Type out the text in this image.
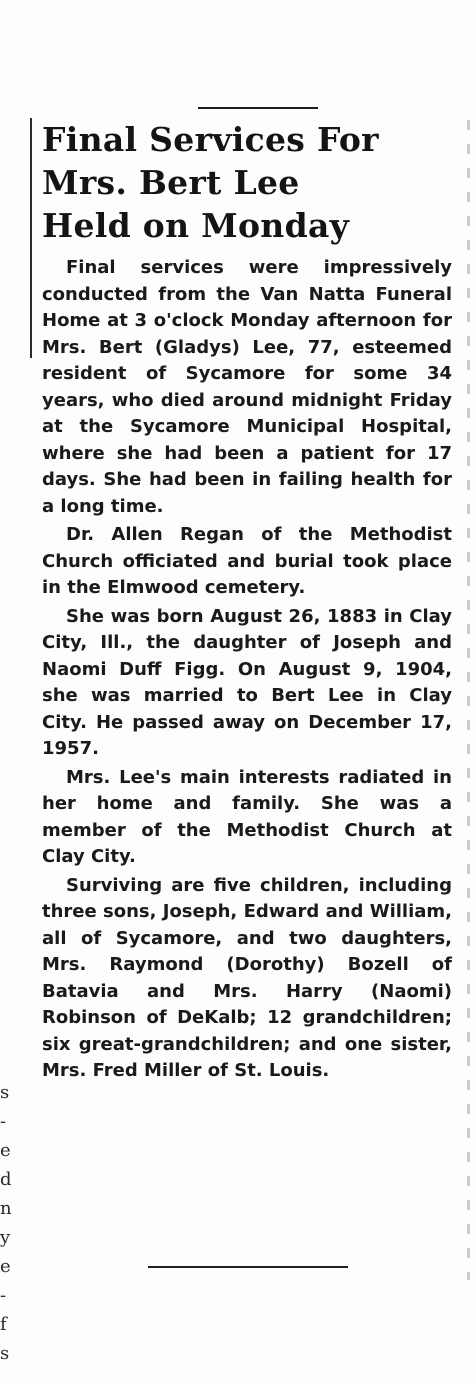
s
-
e
d
n
y
e
-
f
s
Final Services For
Mrs. Bert Lee
Held on Monday

Final services were impressively conducted from the Van Natta Funeral Home at 3 o'clock Monday afternoon for Mrs. Bert (Gladys) Lee, 77, esteemed resident of Sycamore for some 34 years, who died around midnight Friday at the Sycamore Municipal Hospital, where she had been a patient for 17 days. She had been in failing health for a long time.

Dr. Allen Regan of the Methodist Church officiated and burial took place in the Elmwood cemetery.

She was born August 26, 1883 in Clay City, Ill., the daughter of Joseph and Naomi Duff Figg. On August 9, 1904, she was married to Bert Lee in Clay City. He passed away on December 17, 1957.

Mrs. Lee's main interests radiated in her home and family. She was a member of the Methodist Church at Clay City.

Surviving are five children, including three sons, Joseph, Edward and William, all of Sycamore, and two daughters, Mrs. Raymond (Dorothy) Bozell of Batavia and Mrs. Harry (Naomi) Robinson of DeKalb; 12 grandchildren; six great-grandchildren; and one sister, Mrs. Fred Miller of St. Louis.
